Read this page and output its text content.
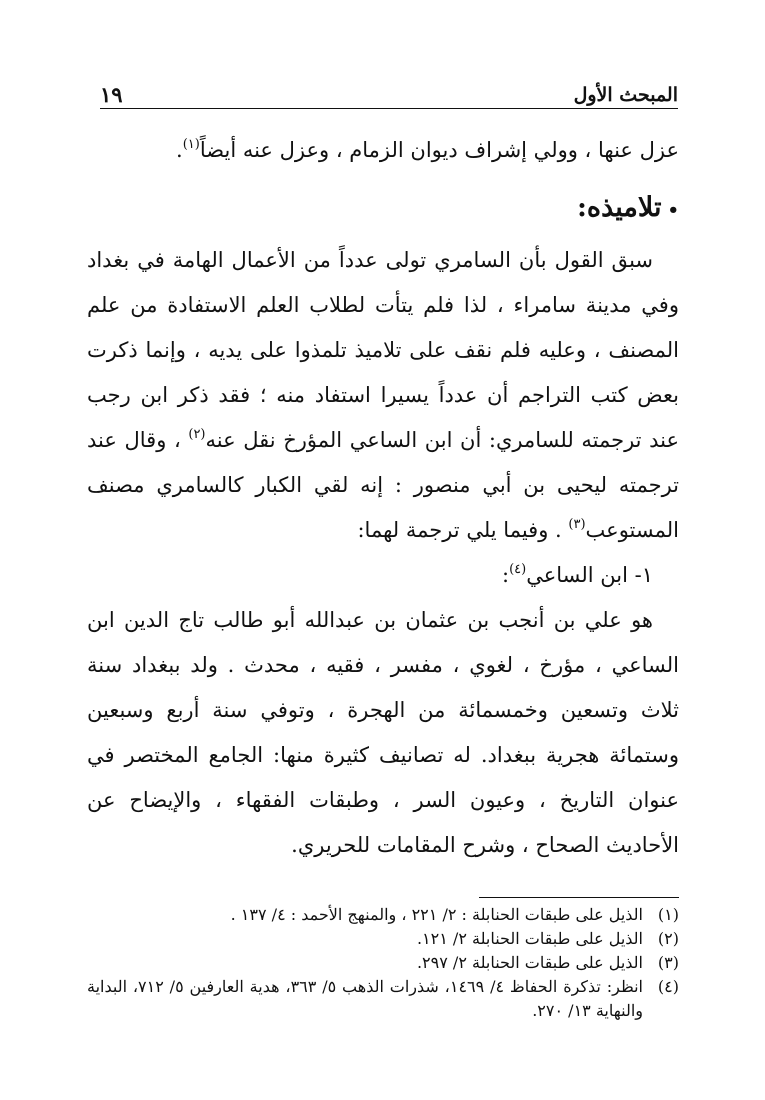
المبحث الأول
١٩

عزل عنها ، وولي إشراف ديوان الزمام ، وعزل عنه أيضاً$^{(١)}$.

•تلاميذه:

سبق القول بأن السامري تولى عدداً من الأعمال الهامة في بغداد وفي مدينة سامراء ، لذا فلم يتأت لطلاب العلم الاستفادة من علم المصنف ، وعليه فلم نقف على تلاميذ تلمذوا على يديه ، وإنما ذكرت بعض كتب التراجم أن عدداً يسيرا استفاد منه ؛ فقد ذكر ابن رجب عند ترجمته للسامري: أن ابن الساعي المؤرخ نقل عنه$^{(٢)}$ ، وقال عند ترجمته ليحيى بن أبي منصور : إنه لقي الكبار كالسامري مصنف المستوعب$^{(٣)}$ . وفيما يلي ترجمة لهما:

١- ابن الساعي$^{(٤)}$:

هو علي بن أنجب بن عثمان بن عبدالله أبو طالب تاج الدين ابن الساعي ، مؤرخ ، لغوي ، مفسر ، فقيه ، محدث . ولد ببغداد سنة ثلاث وتسعين وخمسمائة من الهجرة ، وتوفي سنة أربع وسبعين وستمائة هجرية ببغداد. له تصانيف كثيرة منها: الجامع المختصر في عنوان التاريخ ، وعيون السر ، وطبقات الفقهاء ، والإيضاح عن الأحاديث الصحاح ، وشرح المقامات للحريري.

(١)
الذيل على طبقات الحنابلة : ٢/ ٢٢١ ، والمنهج الأحمد : ٤/ ١٣٧ .
(٢)
الذيل على طبقات الحنابلة ٢/ ١٢١.
(٣)
الذيل على طبقات الحنابلة ٢/ ٢٩٧.
(٤)
انظر: تذكرة الحفاظ ٤/ ١٤٦٩، شذرات الذهب ٥/ ٣٦٣، هدية العارفين ٥/ ٧١٢، البداية والنهاية ١٣/ ٢٧٠.
